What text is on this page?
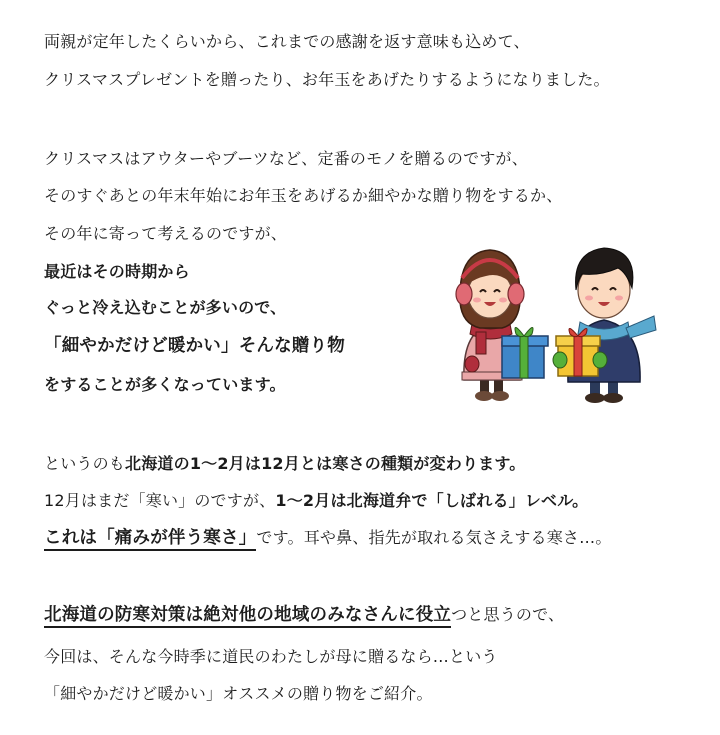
両親が定年したくらいから、これまでの感謝を返す意味も込めて、
クリスマスプレゼントを贈ったり、お年玉をあげたりするようになりました。
クリスマスはアウターやブーツなど、定番のモノを贈るのですが、
そのすぐあとの年末年始にお年玉をあげるか細やかな贈り物をするか、
その年に寄って考えるのですが、
最近はその時期から
ぐっと冷え込むことが多いので、
「細やかだけど暖かい」そんな贈り物
をすることが多くなっています。
というのも北海道の1〜2月は12月とは寒さの種類が変わります。
12月はまだ「寒い」のですが、1〜2月は北海道弁で「しばれる」レベル。
これは「痛みが伴う寒さ」です。耳や鼻、指先が取れる気さえする寒さ…。
北海道の防寒対策は絶対他の地域のみなさんに役立つと思うので、
今回は、そんな今時季に道民のわたしが母に贈るなら…という
「細やかだけど暖かい」オススメの贈り物をご紹介。
